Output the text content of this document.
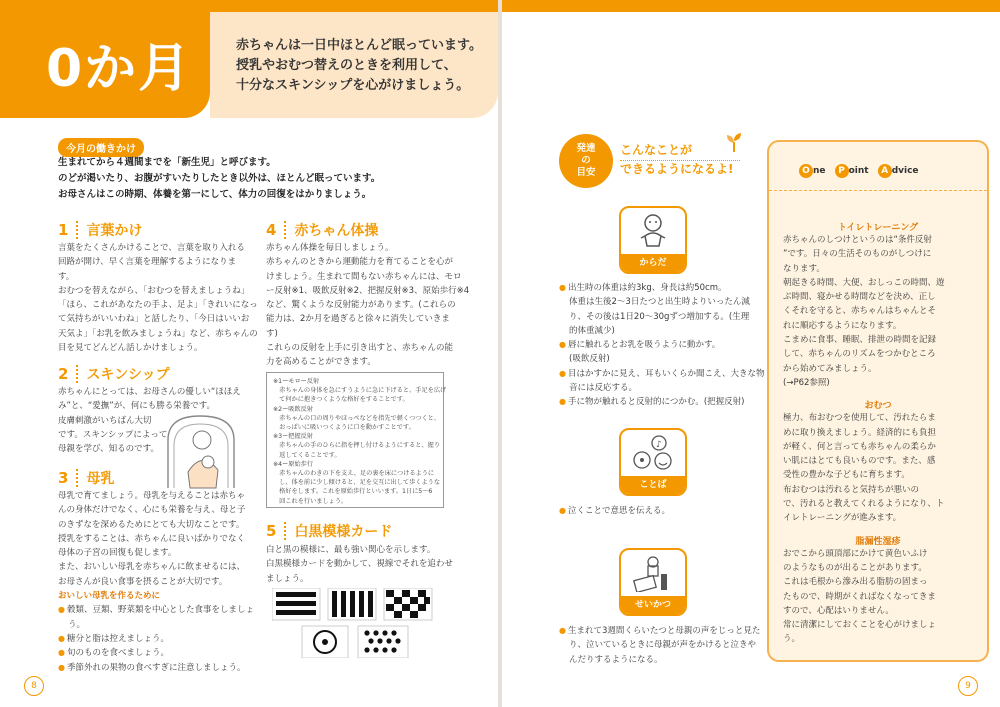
0か月	赤ちゃんは一日中ほとんど眠っています。
授乳やおむつ替えのときを利用して、
十分なスキンシップを心がけましょう。
今月の働きかけ
生まれてから４週間までを「新生児」と呼びます。
のどが渇いたり、お腹がすいたりしたとき以外は、ほとんど眠っています。
お母さんはこの時期、体養を第一にして、体力の回復をはかりましょう。
1 言葉かけ
言葉をたくさんかけることで、言葉を取り入れる
回路が開け、早く言葉を理解するようになりま
す。
おむつを替えながら、「おむつを替えましょうね」
「ほら、これがあなたの手よ、足よ」「きれいになっ
て気持ちがいいわね」と話したり、「今日はいいお
天気よ」「お乳を飲みましょうね」など、赤ちゃんの
目を見てどんどん話しかけましょう。
2 スキンシップ
赤ちゃんにとっては、お母さんの優しい“ほほえ
み”と、“愛撫”が、何にも勝る栄養です。
皮膚刺激がいちばん大切
です。スキンシップによって
母親を学び、知るのです。
3 母乳
母乳で育てましょう。母乳を与えることは赤ちゃ
んの身体だけでなく、心にも栄養を与え、母と子
のきずなを深めるためにとても大切なことです。
授乳をすることは、赤ちゃんに良いばかりでなく
母体の子宮の回復も促します。
また、おいしい母乳を赤ちゃんに飲ませるには、
お母さんが良い食事を摂ることが大切です。
おいしい母乳を作るために
● 穀類、豆類、野菜類を中心とした食事をしましょ
う。
● 糖分と脂は控えましょう。
● 旬のものを食べましょう。
● 季節外れの果物の食べすぎに注意しましょう。
4 赤ちゃん体操
赤ちゃん体操を毎日しましょう。
赤ちゃんのときから運動能力を育てることを心が
けましょう。生まれて間もない赤ちゃんには、モロ
ー反射※1、吸飲反射※2、把握反射※3、原始歩行※4
など、驚くような反射能力があります。(これらの
能力は、2か月を過ぎると徐々に消失していきま
す)
これらの反射を上手に引き出すと、赤ちゃんの能
力を高めることができます。
※1ーモロー反射
　赤ちゃんの身体を急にすうように急に下げると、手足を広げ
　て何かに抱きつくような格好をすることです。
※2ー吸飲反射
　赤ちゃんの口の周りやほっぺなどを指先で軽くつつくと、
　おっぱいに吸いつくように口を動かすことです。
※3ー把握反射
　赤ちゃんの手のひらに指を押し付けるようにすると、握り
　返してくることです。
※4ー原始歩行
　赤ちゃんのわきの下を支え、足の裏を床につけるように
　し、体を前に少し傾けると、足を交互に出して歩くような
　格好をします。これを原始歩行といいます。1日に5〜6
　回これを行いましょう。
5 白黒模様カード
白と黒の模様に、最も強い関心を示します。
白黒模様カードを動かして、視線でそれを追わせ
ましょう。
8
発達
の
目安
こんなことが
できるようになるよ!
からだ
● 出生時の体重は約3kg、身長は約50cm。
体重は生後2〜3日たつと出生時よりいったん減
り、その後は1日20〜30gずつ増加する。(生理
的体重減少)
● 唇に触れるとお乳を吸うように動かす。
(吸飲反射)
● 目はかすかに見え、耳もいくらか聞こえ、大きな物
音には反応する。
● 手に物が触れると反射的につかむ。(把握反射)
♪
ことば
● 泣くことで意思を伝える。
せいかつ
● 生まれて3週間くらいたつと母親の声をじっと見た
り、泣いているときに母親が声をかけると泣きや
んだりするようになる。
O ne P oint A dvice
トイレトレーニング
赤ちゃんのしつけというのは“条件反射
”です。日々の生活そのものがしつけに
なります。
朝起きる時間、大便、おしっこの時間、遊
ぶ時間、寝かせる時間などを決め、正し
くそれを守ると、赤ちゃんはちゃんとそ
れに順応するようになります。
こまめに食事、睡眠、排泄の時間を記録
して、赤ちゃんのリズムをつかむところ
から始めてみましょう。
(→P62参照)
おむつ
極力、布おむつを使用して、汚れたらま
めに取り換えましょう。経済的にも負担
が軽く、何と言っても赤ちゃんの柔らか
い肌にはとても良いものです。また、感
受性の豊かな子どもに育ちます。
布おむつは汚れると気持ちが悪いの
で、汚れると教えてくれるようになり、ト
イレトレーニングが進みます。
脂漏性湿疹
おでこから頭頂部にかけて黄色いふけ
のようなものが出ることがあります。
これは毛根から滲み出る脂肪の固まっ
たもので、時期がくればなくなってきま
すので、心配はいりません。
常に清潔にしておくことを心がけましょ
う。
9
